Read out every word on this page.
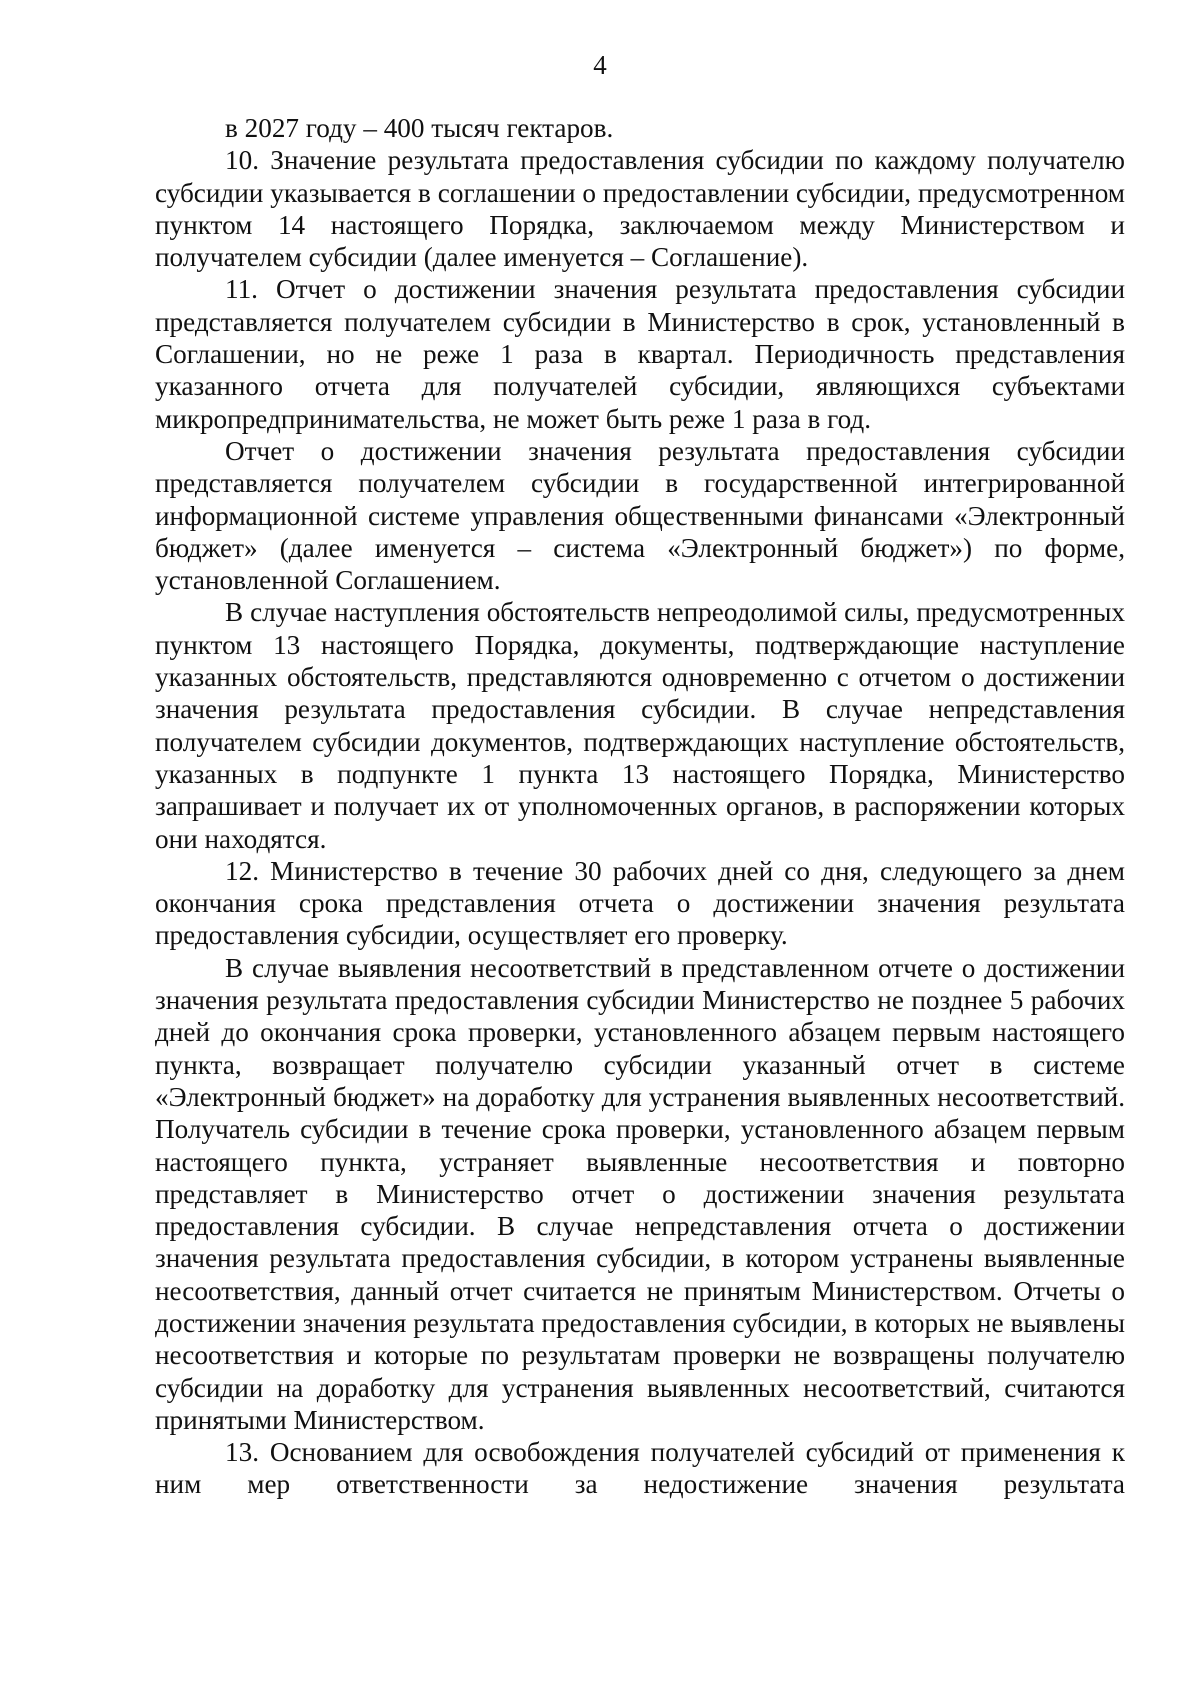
4

в 2027 году – 400 тысяч гектаров.

10. Значение результата предоставления субсидии по каждому получателю субсидии указывается в соглашении о предоставлении субсидии, предусмотренном пунктом 14 настоящего Порядка, заключаемом между Министерством и получателем субсидии (далее именуется – Соглашение).

11. Отчет о достижении значения результата предоставления субсидии представляется получателем субсидии в Министерство в срок, установленный в Соглашении, но не реже 1 раза в квартал. Периодичность представления указанного отчета для получателей субсидии, являющихся субъектами микропредпринимательства, не может быть реже 1 раза в год.

Отчет о достижении значения результата предоставления субсидии представляется получателем субсидии в государственной интегрированной информационной системе управления общественными финансами «Электронный бюджет» (далее именуется – система «Электронный бюджет») по форме, установленной Соглашением.

В случае наступления обстоятельств непреодолимой силы, предусмотренных пунктом 13 настоящего Порядка, документы, подтверждающие наступление указанных обстоятельств, представляются одновременно с отчетом о достижении значения результата предоставления субсидии. В случае непредставления получателем субсидии документов, подтверждающих наступление обстоятельств, указанных в подпункте 1 пункта 13 настоящего Порядка, Министерство запрашивает и получает их от уполномоченных органов, в распоряжении которых они находятся.

12. Министерство в течение 30 рабочих дней со дня, следующего за днем окончания срока представления отчета о достижении значения результата предоставления субсидии, осуществляет его проверку.

В случае выявления несоответствий в представленном отчете о достижении значения результата предоставления субсидии Министерство не позднее 5 рабочих дней до окончания срока проверки, установленного абзацем первым настоящего пункта, возвращает получателю субсидии указанный отчет в системе «Электронный бюджет» на доработку для устранения выявленных несоответствий. Получатель субсидии в течение срока проверки, установленного абзацем первым настоящего пункта, устраняет выявленные несоответствия и повторно представляет в Министерство отчет о достижении значения результата предоставления субсидии. В случае непредставления отчета о достижении значения результата предоставления субсидии, в котором устранены выявленные несоответствия, данный отчет считается не принятым Министерством. Отчеты о достижении значения результата предоставления субсидии, в которых не выявлены несоответствия и которые по результатам проверки не возвращены получателю субсидии на доработку для устранения выявленных несоответствий, считаются принятыми Министерством.

13. Основанием для освобождения получателей субсидий от применения к ним мер ответственности за недостижение значения результата
